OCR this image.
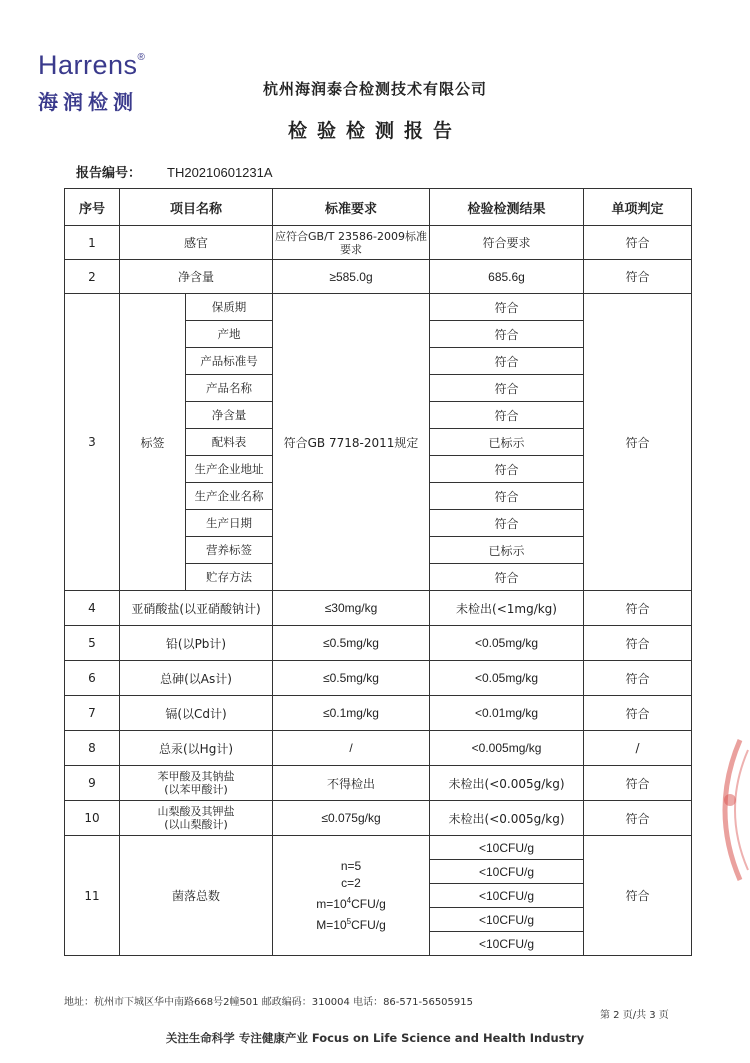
Harrens®
海润检测
杭州海润泰合检测技术有限公司
检验检测报告
报告编号： TH20210601231A
序号	项目名称		标准要求	检验检测结果	单项判定
1	感官		应符合GB/T 23586-2009标准要求	符合要求	符合
2	净含量		≥585.0g	685.6g	符合
3	标签	保质期	符合GB 7718-2011规定	符合	符合
		产地		符合	
		产品标准号		符合	
		产品名称		符合	
		净含量		符合	
		配料表		已标示	
		生产企业地址		符合	
		生产企业名称		符合	
		生产日期		符合	
		营养标签		已标示	
		贮存方法		符合	
4	亚硝酸盐(以亚硝酸钠计)		≤30mg/kg	未检出(<1mg/kg)	符合
5	铅(以Pb计)		≤0.5mg/kg	<0.05mg/kg	符合
6	总砷(以As计)		≤0.5mg/kg	<0.05mg/kg	符合
7	镉(以Cd计)		≤0.1mg/kg	<0.01mg/kg	符合
8	总汞(以Hg计)		/	<0.005mg/kg	/
9	苯甲酸及其钠盐
(以苯甲酸计)		不得检出	未检出(<0.005g/kg)	符合
10	山梨酸及其钾盐
(以山梨酸计)		≤0.075g/kg	未检出(<0.005g/kg)	符合
11	菌落总数		n=5
c=2
$m=10^4CFU/g$
$M=10^5CFU/g$	<10CFU/g	符合
				<10CFU/g	
				<10CFU/g	
				<10CFU/g	
				<10CFU/g	
地址：杭州市下城区华中南路668号2幢501 邮政编码：310004 电话：86-571-56505915
第 2 页/共 3 页
关注生命科学 专注健康产业 Focus on Life Science and Health Industry
